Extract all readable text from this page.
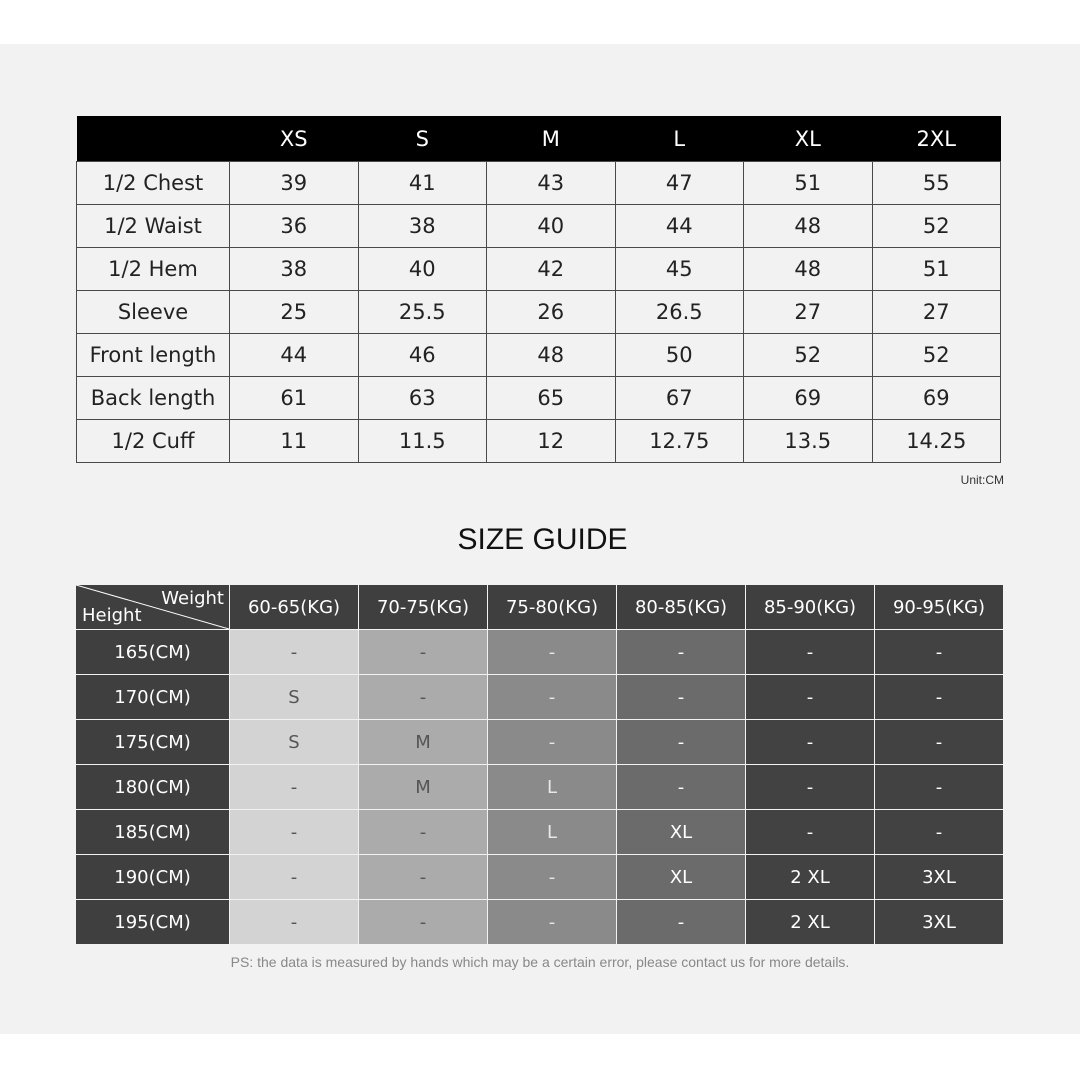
	XS	S	M	L	XL	2XL
1/2 Chest	39	41	43	47	51	55
1/2 Waist	36	38	40	44	48	52
1/2 Hem	38	40	42	45	48	51
Sleeve	25	25.5	26	26.5	27	27
Front length	44	46	48	50	52	52
Back length	61	63	65	67	69	69
1/2 Cuff	11	11.5	12	12.75	13.5	14.25
Unit:CM
SIZE GUIDE
Weight
Height	60-65(KG)	70-75(KG)	75-80(KG)	80-85(KG)	85-90(KG)	90-95(KG)
165(CM)	-	-	-	-	-	-
170(CM)	S	-	-	-	-	-
175(CM)	S	M	-	-	-	-
180(CM)	-	M	L	-	-	-
185(CM)	-	-	L	XL	-	-
190(CM)	-	-	-	XL	2 XL	3XL
195(CM)	-	-	-	-	2 XL	3XL
PS: the data is measured by hands which may be a certain error, please contact us for more details.
